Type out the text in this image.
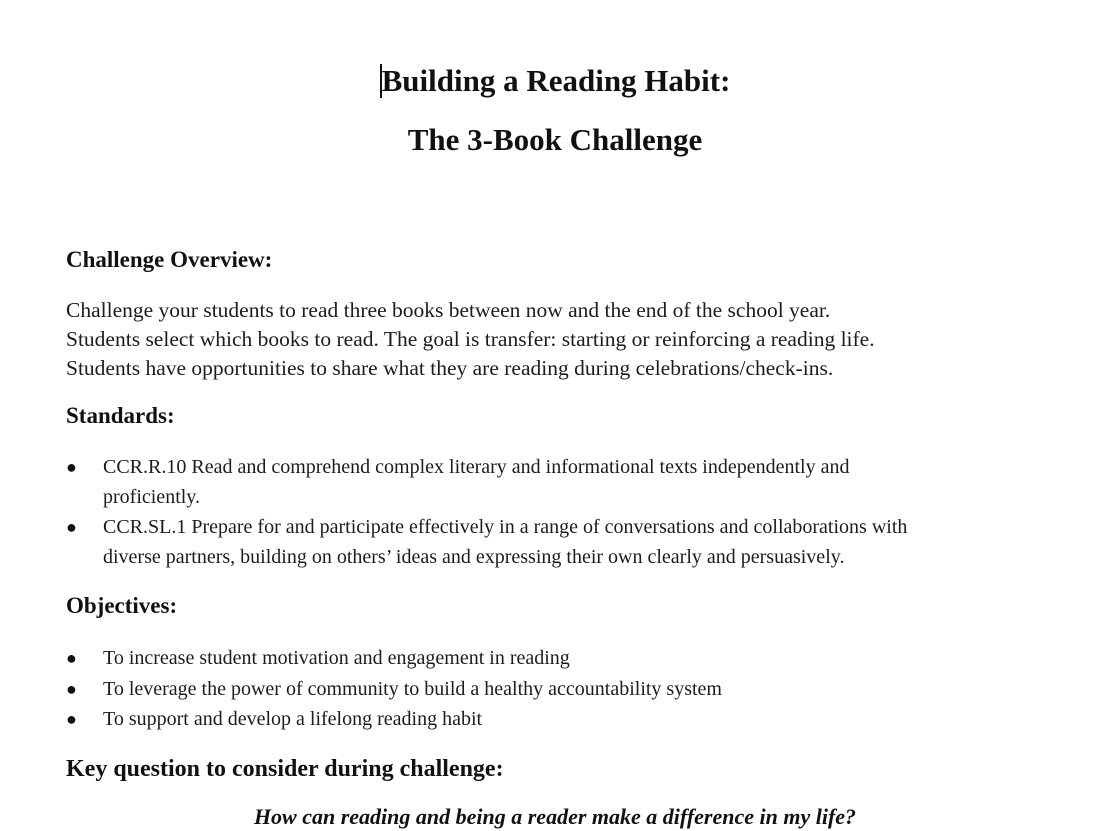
Building a Reading Habit:
The 3-Book Challenge
Challenge Overview:

Challenge your students to read three books between now and the end of the school year.
Students select which books to read. The goal is transfer: starting or reinforcing a reading life.
Students have opportunities to share what they are reading during celebrations/check-ins.

Standards:
● CCR.R.10 Read and comprehend complex literary and informational texts independently and
proficiently.
● CCR.SL.1 Prepare for and participate effectively in a range of conversations and collaborations with
diverse partners, building on others’ ideas and expressing their own clearly and persuasively.
Objectives:
● To increase student motivation and engagement in reading
● To leverage the power of community to build a healthy accountability system
● To support and develop a lifelong reading habit
Key question to consider during challenge:

How can reading and being a reader make a difference in my life?
